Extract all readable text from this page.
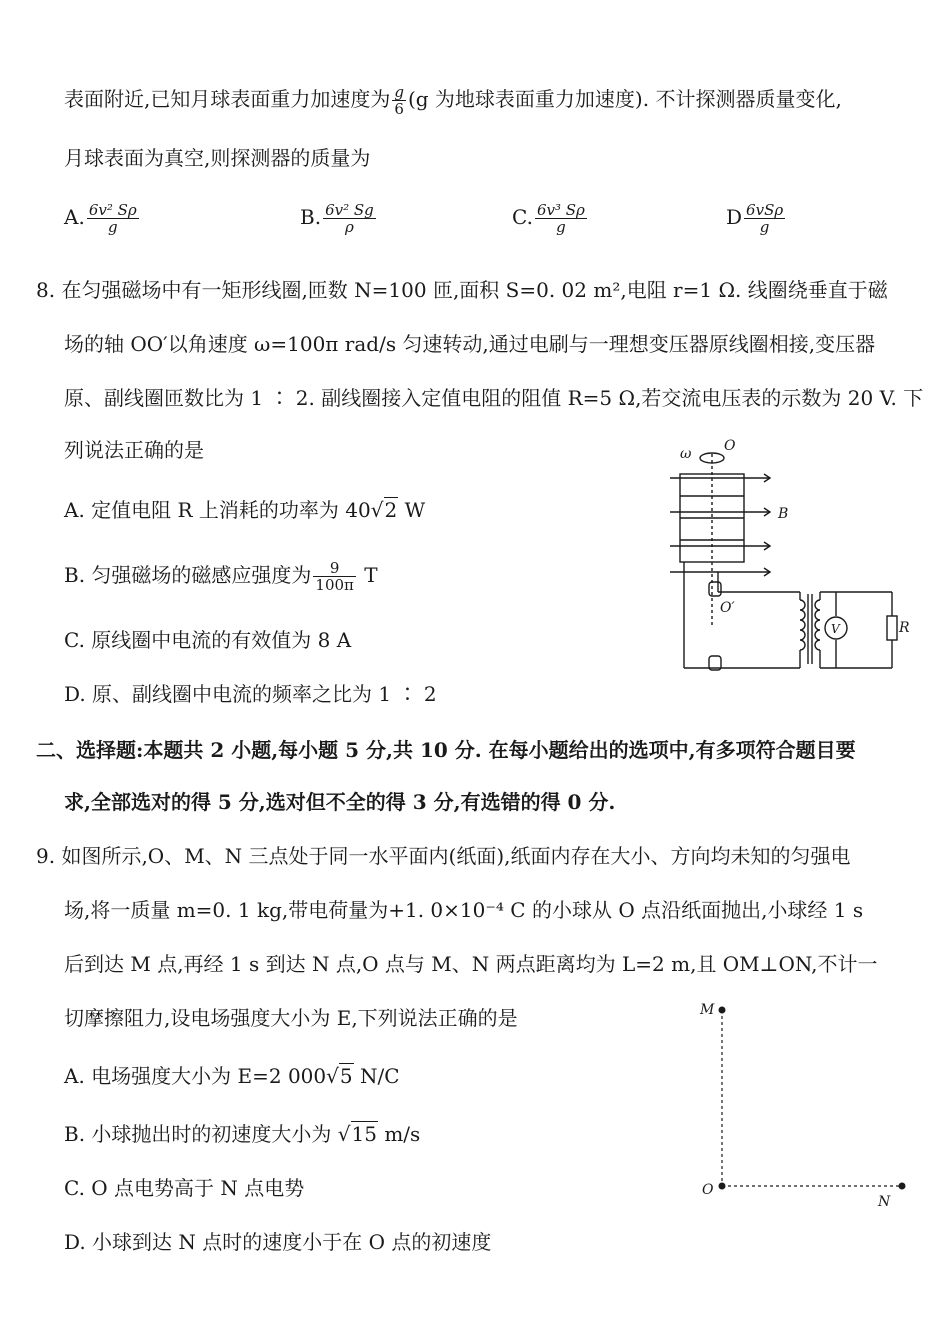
表面附近,已知月球表面重力加速度为 $\frac{g}{6} (g$ 为地球表面重力加速度). 不计探测器质量变化,
月球表面为真空,则探测器的质量为
A. $\frac{\text{6v² Sρ}}{g}$	B. $\frac{\text{6v² Sg}}{\rho}$	C. $\frac{\text{6v³ Sρ}}{g}$	D $\frac{\text{6vSρ}}{g}$
8. 在匀强磁场中有一矩形线圈,匝数 N=100 匝,面积 S=0. 02 m²,电阻 r=1 Ω. 线圈绕垂直于磁
场的轴 OO′以角速度 ω=100π rad/s 匀速转动,通过电刷与一理想变压器原线圈相接,变压器
原、副线圈匝数比为 1 ∶ 2. 副线圈接入定值电阻的阻值 R=5 Ω,若交流电压表的示数为 20 V. 下
列说法正确的是
A. 定值电阻 R 上消耗的功率为 40√2 W
B. 匀强磁场的磁感应强度为 $\frac{9}{100\pi}$ T
C. 原线圈中电流的有效值为 8 A
D. 原、副线圈中电流的频率之比为 1 ∶ 2
ω O
B
O′
V	R
二、选择题:本题共 2 小题,每小题 5 分,共 10 分. 在每小题给出的选项中,有多项符合题目要
求,全部选对的得 5 分,选对但不全的得 3 分,有选错的得 0 分.
9. 如图所示,O、M、N 三点处于同一水平面内(纸面),纸面内存在大小、方向均未知的匀强电
场,将一质量 m=0. 1 kg,带电荷量为+1. 0×10⁻⁴ C 的小球从 O 点沿纸面抛出,小球经 1 s
后到达 M 点,再经 1 s 到达 N 点,O 点与 M、N 两点距离均为 L=2 m,且 OM⊥ON,不计一
切摩擦阻力,设电场强度大小为 E,下列说法正确的是
A. 电场强度大小为 E=2 000√5 N/C
B. 小球抛出时的初速度大小为 √15 m/s
C. O 点电势高于 N 点电势
D. 小球到达 N 点时的速度小于在 O 点的初速度
M
O
N
